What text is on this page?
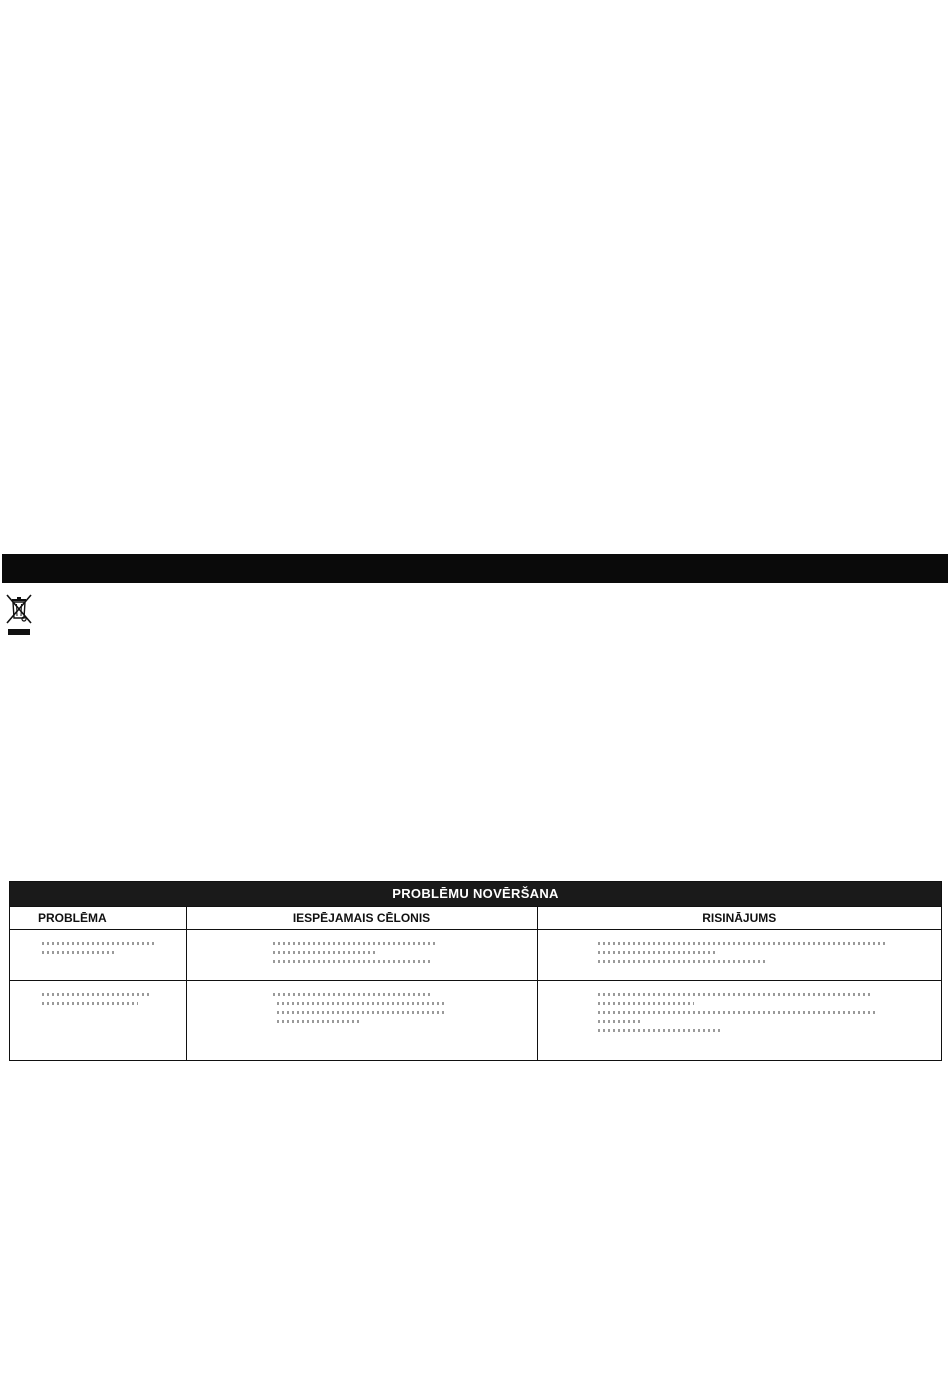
PROBLĒMU NOVĒRŠANA
PROBLĒMA	IESPĒJAMAIS CĒLONIS	RISINĀJUMS
